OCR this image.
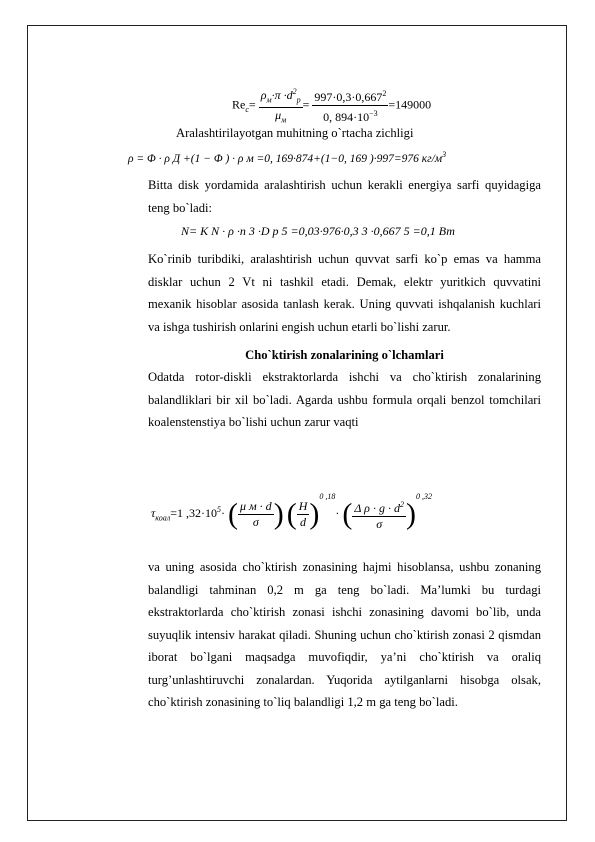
$Re_c= \frac{\rho_м\cdot\pi \cdot d^2_р}{\mu_м} = \frac{997\cdot 0,3\cdot 0,667^2}{0, 894\cdot 10^{-3}} =149000$
Aralashtirilayotgan muhitning o`rtacha zichligi
ρ = Φ · ρ Д +(1 − Φ ) · ρ м =0, 169·874+(1−0, 169 )·997=976 $кг/м^3$

Bitta disk yordamida aralashtirish uchun kerakli energiya sarfi quyidagiga teng bo`ladi:

N= K N · ρ ·n 3 ·D p 5 =0,03·976·0,3 3 ·0,667 5 =0,1 Вт

Ko`rinib turibdiki, aralashtirish uchun quvvat sarfi ko`p emas va hamma disklar uchun 2 Vt ni tashkil etadi. Demak, elektr yuritkich quvvatini mexanik hisoblar asosida tanlash kerak. Uning quvvati ishqalanish kuchlari va ishga tushirish onlarini engish uchun etarli bo`lishi zarur.

Cho`ktirish zonalarining o`lchamlari

Odatda rotor-diskli ekstraktorlarda ishchi va cho`ktirish zonalarining balandliklari bir xil bo`ladi. Agarda ushbu formula orqali benzol tomchilari koalenstenstiya bo`lishi uchun zarur vaqti

$\tau_{коал}=1$ $,32\cdot 10^5\cdot$ ( $\frac{\text{μ м · d}}{\sigma}$ ) ( $\frac{H}{d} )^{0 ,18}\cdot$ ( $\frac{\Delta \rho \cdot g \cdot d^2}{\sigma} )^{0 ,32}$

va uning asosida cho`ktirish zonasining hajmi hisoblansa, ushbu zonaning balandligi tahminan 0,2 m ga teng bo`ladi. Ma’lumki bu turdagi ekstraktorlarda cho`ktirish zonasi ishchi zonasining davomi bo`lib, unda suyuqlik intensiv harakat qiladi. Shuning uchun cho`ktirish zonasi 2 qismdan iborat bo`lgani maqsadga muvofiqdir, ya’ni cho`ktirish va oraliq turg’unlashtiruvchi zonalardan. Yuqorida aytilganlarni hisobga olsak, cho`ktirish zonasining to`liq balandligi 1,2 m ga teng bo`ladi.
